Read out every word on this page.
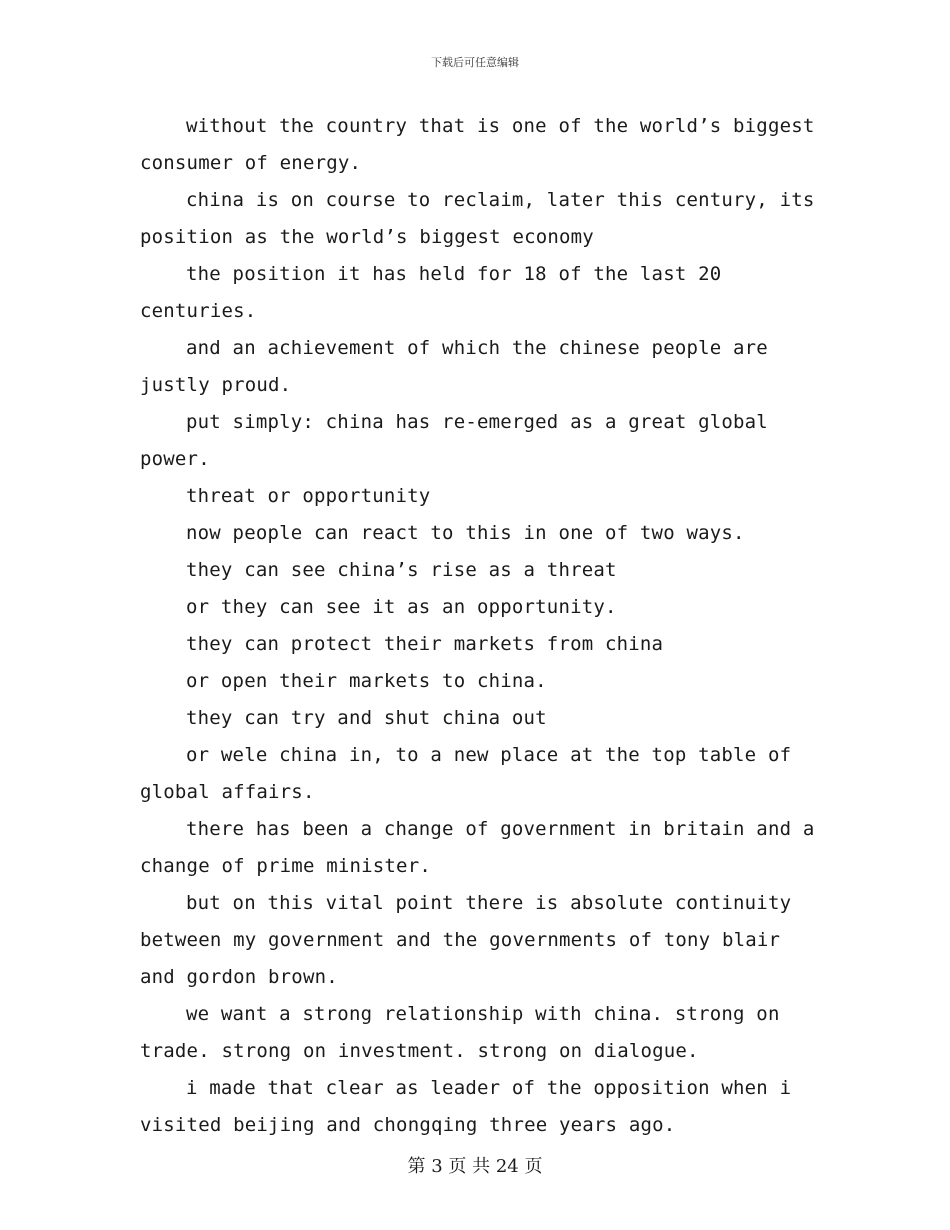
下载后可任意编辑

without the country that is one of the world’s biggest consumer of energy.

china is on course to reclaim, later this century, its position as the world’s biggest economy

the position it has held for 18 of the last 20 centuries.

and an achievement of which the chinese people are justly proud.

put simply: china has re-emerged as a great global power.

threat or opportunity

now people can react to this in one of two ways.

they can see china’s rise as a threat

or they can see it as an opportunity.

they can protect their markets from china

or open their markets to china.

they can try and shut china out

or wele china in, to a new place at the top table of global affairs.

there has been a change of government in britain and a change of prime minister.

but on this vital point there is absolute continuity between my government and the governments of tony blair and gordon brown.

we want a strong relationship with china. strong on trade. strong on investment. strong on dialogue.

i made that clear as leader of the opposition when i visited beijing and chongqing three years ago.

第 3 页 共 24 页
